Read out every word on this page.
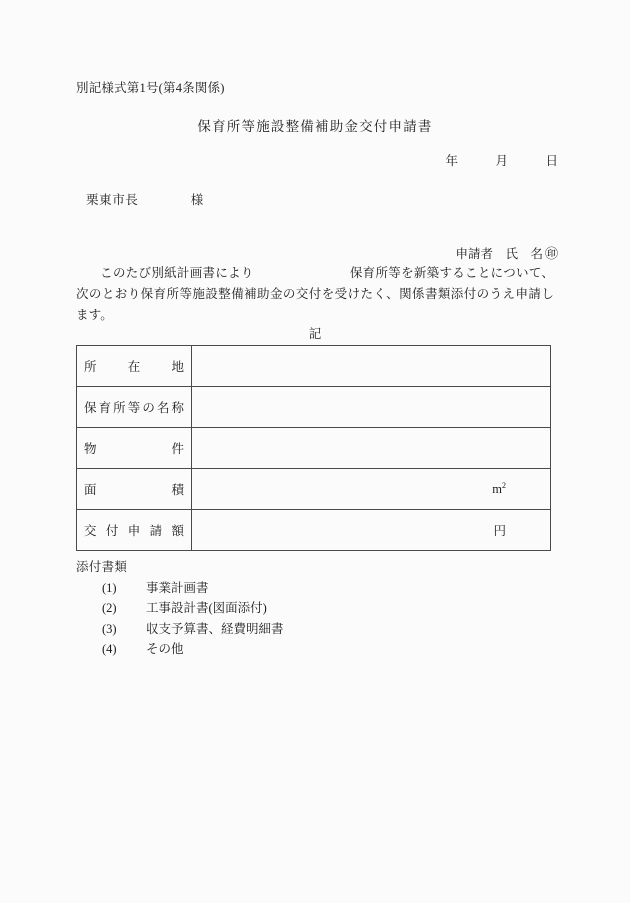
別記様式第1号(第4条関係)
保育所等施設整備補助金交付申請書
年　　　月　　　日
栗東市長　　　　様

申請者　氏　名 ㊞

このたび別紙計画書により	保育所等を新築することについて、次のとおり保育所等施設整備補助金の交付を受けたく、関係書類添付のうえ申請します。
記
所在地	

保育所等の名称	

物件	

面積	$m^2$

交付申請額	円
添付書類
(1) 事業計画書
(2) 工事設計書(図面添付)
(3) 収支予算書、経費明細書
(4) その他
